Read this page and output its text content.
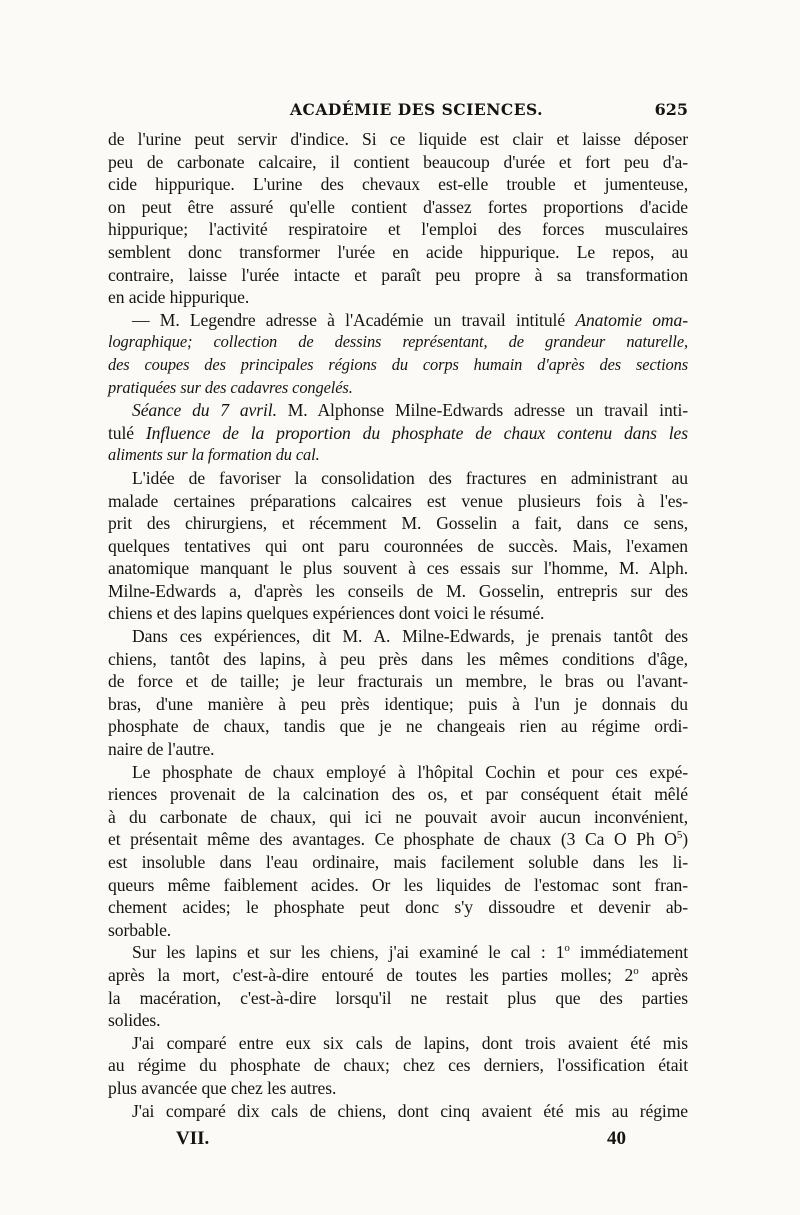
ACADÉMIE DES SCIENCES.	625
de l'urine peut servir d'indice. Si ce liquide est clair et laisse déposer
peu de carbonate calcaire, il contient beaucoup d'urée et fort peu d'a-
cide hippurique. L'urine des chevaux est-elle trouble et jumenteuse,
on peut être assuré qu'elle contient d'assez fortes proportions d'acide
hippurique; l'activité respiratoire et l'emploi des forces musculaires
semblent donc transformer l'urée en acide hippurique. Le repos, au
contraire, laisse l'urée intacte et paraît peu propre à sa transformation
en acide hippurique.
— M. Legendre adresse à l'Académie un travail intitulé Anatomie oma-
lographique; collection de dessins représentant, de grandeur naturelle,
des coupes des principales régions du corps humain d'après des sections
pratiquées sur des cadavres congelés.
Séance du 7 avril. M. Alphonse Milne-Edwards adresse un travail inti-
tulé Influence de la proportion du phosphate de chaux contenu dans les
aliments sur la formation du cal.
L'idée de favoriser la consolidation des fractures en administrant au
malade certaines préparations calcaires est venue plusieurs fois à l'es-
prit des chirurgiens, et récemment M. Gosselin a fait, dans ce sens,
quelques tentatives qui ont paru couronnées de succès. Mais, l'examen
anatomique manquant le plus souvent à ces essais sur l'homme, M. Alph.
Milne-Edwards a, d'après les conseils de M. Gosselin, entrepris sur des
chiens et des lapins quelques expériences dont voici le résumé.
Dans ces expériences, dit M. A. Milne-Edwards, je prenais tantôt des
chiens, tantôt des lapins, à peu près dans les mêmes conditions d'âge,
de force et de taille; je leur fracturais un membre, le bras ou l'avant-
bras, d'une manière à peu près identique; puis à l'un je donnais du
phosphate de chaux, tandis que je ne changeais rien au régime ordi-
naire de l'autre.
Le phosphate de chaux employé à l'hôpital Cochin et pour ces expé-
riences provenait de la calcination des os, et par conséquent était mêlé
à du carbonate de chaux, qui ici ne pouvait avoir aucun inconvénient,
et présentait même des avantages. Ce phosphate de chaux (3 Ca O Ph $O^5$)
est insoluble dans l'eau ordinaire, mais facilement soluble dans les li-
queurs même faiblement acides. Or les liquides de l'estomac sont fran-
chement acides; le phosphate peut donc s'y dissoudre et devenir ab-
sorbable.
Sur les lapins et sur les chiens, j'ai examiné le cal : 1$^o$ immédiatement
après la mort, c'est-à-dire entouré de toutes les parties molles; 2$^o$ après
la macération, c'est-à-dire lorsqu'il ne restait plus que des parties
solides.
J'ai comparé entre eux six cals de lapins, dont trois avaient été mis
au régime du phosphate de chaux; chez ces derniers, l'ossification était
plus avancée que chez les autres.
J'ai comparé dix cals de chiens, dont cinq avaient été mis au régime
VII.	40
